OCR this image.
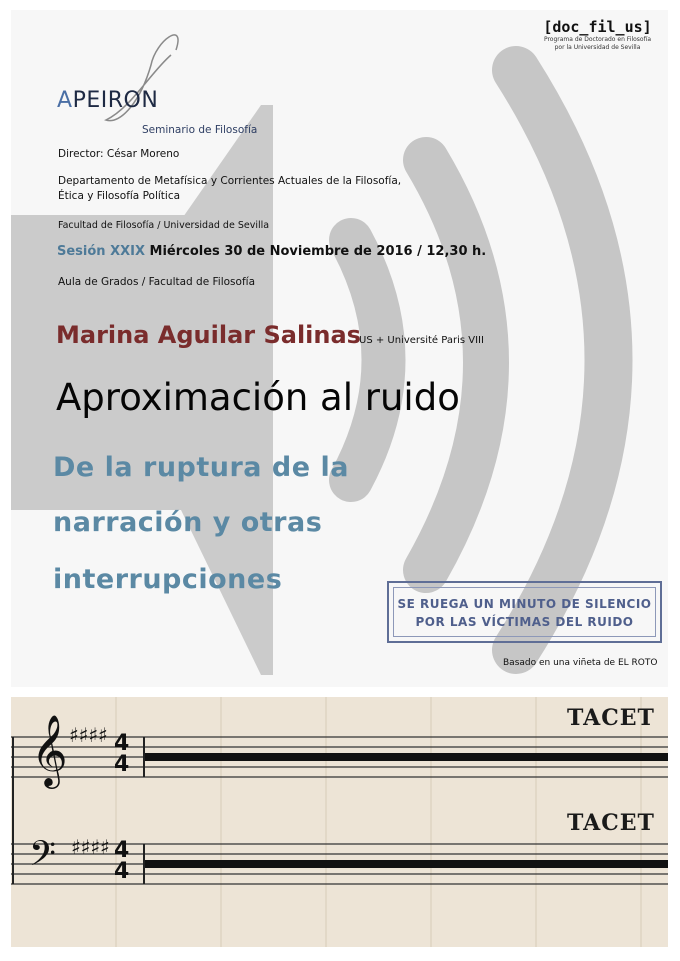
APEIRON
Seminario de Filosofía
Director: César Moreno
Departamento de Metafísica y Corrientes Actuales de la Filosofía,
Ética y Filosofía Política
Facultad de Filosofía / Universidad de Sevilla
Sesión XXIX Miércoles 30 de Noviembre de 2016 / 12,30 h.
Aula de Grados / Facultad de Filosofía
Marina Aguilar Salinas
US + Université Paris VIII
Aproximación al ruido
De la ruptura de la
narración y otras
interrupciones
SE RUEGA UN MINUTO DE SILENCIO
POR LAS VÍCTIMAS DEL RUIDO
Basado en una viñeta de EL ROTO
[doc_fil_us]
Programa de Doctorado en Filosofía
por la Universidad de Sevilla
𝄞 ♯♯♯♯ 4
4
𝄢 ♯♯♯♯ 4
4
TACET
TACET
